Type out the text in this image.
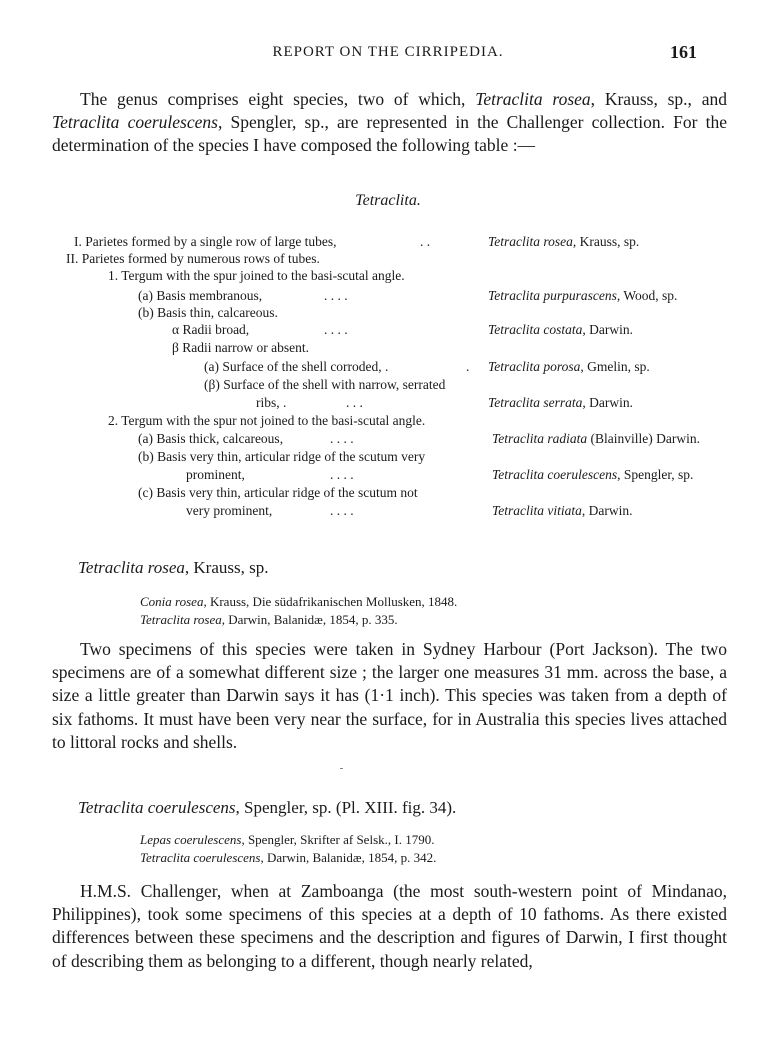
REPORT ON THE CIRRIPEDIA.	161

The genus comprises eight species, two of which, Tetraclita rosea, Krauss, sp., and Tetraclita coerulescens, Spengler, sp., are represented in the Challenger collection. For the determination of the species I have composed the following table :—

Tetraclita.
I. Parietes formed by a single row of large tubes,	. .	Tetraclita rosea, Krauss, sp.
II. Parietes formed by numerous rows of tubes.
1. Tergum with the spur joined to the basi-scutal angle.
(a) Basis membranous,	. . . .	Tetraclita purpurascens, Wood, sp.
(b) Basis thin, calcareous.
α Radii broad,	. . . .	Tetraclita costata, Darwin.
β Radii narrow or absent.
(a) Surface of the shell corroded, .	. Tetraclita porosa, Gmelin, sp.
(β) Surface of the shell with narrow, serrated
ribs, .	. . .	Tetraclita serrata, Darwin.
2. Tergum with the spur not joined to the basi-scutal angle.
(a) Basis thick, calcareous,	. . . .	Tetraclita radiata (Blainville) Darwin.
(b) Basis very thin, articular ridge of the scutum very
prominent,	. . . .	Tetraclita coerulescens, Spengler, sp.
(c) Basis very thin, articular ridge of the scutum not
very prominent,	. . . .	Tetraclita vitiata, Darwin.
Tetraclita rosea, Krauss, sp.
Conia rosea, Krauss, Die südafrikanischen Mollusken, 1848.
Tetraclita rosea, Darwin, Balanidæ, 1854, p. 335.

Two specimens of this species were taken in Sydney Harbour (Port Jackson). The two specimens are of a somewhat different size ; the larger one measures 31 mm. across the base, a size a little greater than Darwin says it has (1·1 inch). This species was taken from a depth of six fathoms. It must have been very near the surface, for in Australia this species lives attached to littoral rocks and shells.

Tetraclita coerulescens, Spengler, sp. (Pl. XIII. fig. 34).
Lepas coerulescens, Spengler, Skrifter af Selsk., I. 1790.
Tetraclita coerulescens, Darwin, Balanidæ, 1854, p. 342.

H.M.S. Challenger, when at Zamboanga (the most south-western point of Mindanao, Philippines), took some specimens of this species at a depth of 10 fathoms. As there existed differences between these specimens and the description and figures of Darwin, I first thought of describing them as belonging to a different, though nearly related,
